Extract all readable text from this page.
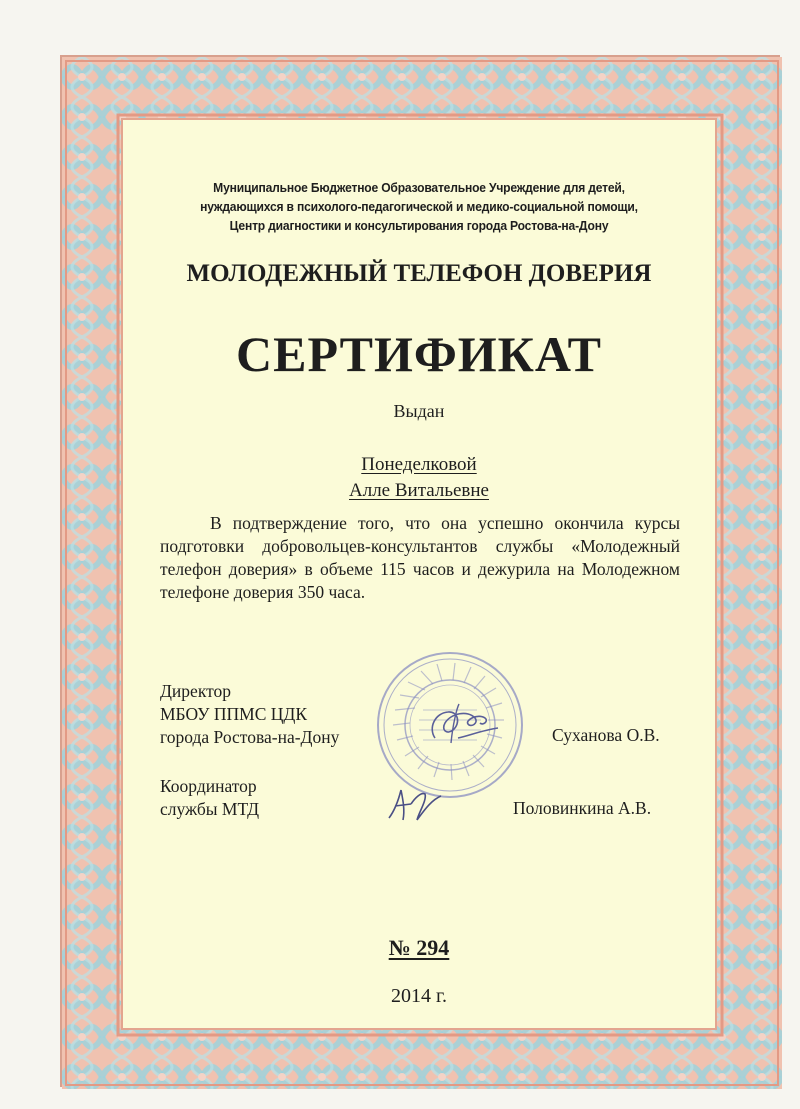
Муниципальное Бюджетное Образовательное Учреждение для детей,
нуждающихся в психолого-педагогической и медико-социальной помощи,
Центр диагностики и консультирования города Ростова-на-Дону
МОЛОДЕЖНЫЙ ТЕЛЕФОН ДОВЕРИЯ
СЕРТИФИКАТ
Выдан
Понеделковой
Алле Витальевне
В подтверждение того, что она успешно окончила курсы подготовки добровольцев-консультантов службы «Молодежный телефон доверия» в объеме 115 часов и дежурила на Молодежном телефоне доверия 350 часа.
Директор
МБОУ ППМС ЦДК
города Ростова-на-Дону	Суханова О.В.
Координатор
службы МТД	Половинкина А.В.
№ 294
2014 г.
